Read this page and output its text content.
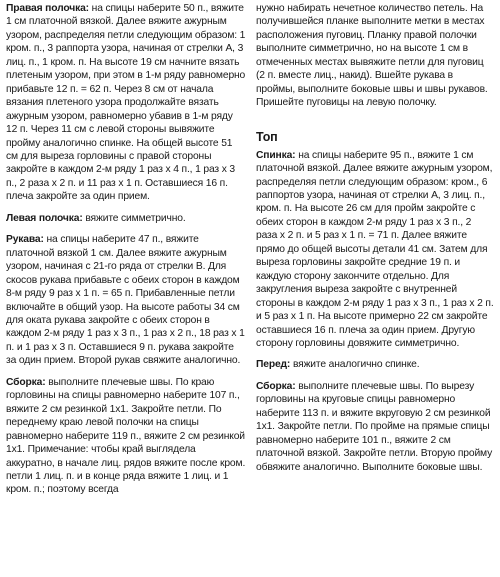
Правая полочка: на спицы наберите 50 п., вяжите 1 см платочной вязкой. Далее вяжите ажурным узором, распределяя петли следующим образом: 1 кром. п., 3 раппорта узора, начиная от стрелки A, 3 лиц. п., 1 кром. п. На высоте 19 см начните вязать плетеным узором, при этом в 1-м ряду равномерно прибавьте 12 п. = 62 п. Через 8 см от начала вязания плетеного узора продолжайте вязать ажурным узором, равномерно убавив в 1-м ряду 12 п. Через 11 см с левой стороны вывяжите пройму аналогично спинке. На общей высоте 51 см для выреза горловины с правой стороны закройте в каждом 2-м ряду 1 раз х 4 п., 1 раз х 3 п., 2 раза х 2 п. и 11 раз х 1 п. Оставшиеся 16 п. плеча закройте за один прием.

Левая полочка: вяжите симметрично.

Рукава: на спицы наберите 47 п., вяжите платочной вязкой 1 см. Далее вяжите ажурным узором, начиная с 21-го ряда от стрелки B. Для скосов рукава прибавьте с обеих сторон в каждом 8-м ряду 9 раз х 1 п. = 65 п. Прибавленные петли включайте в общий узор. На высоте работы 34 см для оката рукава закройте с обеих сторон в каждом 2-м ряду 1 раз х 3 п., 1 раз х 2 п., 18 раз х 1 п. и 1 раз х 3 п. Оставшиеся 9 п. рукава закройте за один прием. Второй рукав свяжите аналогично.

Сборка: выполните плечевые швы. По краю горловины на спицы равномерно наберите 107 п., вяжите 2 см резинкой 1х1. Закройте петли. По переднему краю левой полочки на спицы равномерно наберите 119 п., вяжите 2 см резинкой 1х1. Примечание: чтобы край выглядела аккуратно, в начале лиц. рядов вяжите после кром. петли 1 лиц. п. и в конце ряда вяжите 1 лиц. и 1 кром. п.; поэтому всегда

нужно набирать нечетное количество петель. На получившейся планке выполните метки в местах расположения пуговиц. Планку правой полочки выполните симметрично, но на высоте 1 см в отмеченных местах вывяжите петли для пуговиц (2 п. вместе лиц., накид). Вшейте рукава в проймы, выполните боковые швы и швы рукавов. Пришейте пуговицы на левую полочку.

Топ

Спинка: на спицы наберите 95 п., вяжите 1 см платочной вязкой. Далее вяжите ажурным узором, распределяя петли следующим образом: кром., 6 раппортов узора, начиная от стрелки A, 3 лиц. п., кром. п. На высоте 26 см для пройм закройте с обеих сторон в каждом 2-м ряду 1 раз х 3 п., 2 раза х 2 п. и 5 раз х 1 п. = 71 п. Далее вяжите прямо до общей высоты детали 41 см. Затем для выреза горловины закройте средние 19 п. и каждую сторону закончите отдельно. Для закругления выреза закройте с внутренней стороны в каждом 2-м ряду 1 раз х 3 п., 1 раз х 2 п. и 5 раз х 1 п. На высоте примерно 22 см закройте оставшиеся 16 п. плеча за один прием. Другую сторону горловины довяжите симметрично.

Перед: вяжите аналогично спинке.

Сборка: выполните плечевые швы. По вырезу горловины на круговые спицы равномерно наберите 113 п. и вяжите вкруговую 2 см резинкой 1х1. Закройте петли. По пройме на прямые спицы равномерно наберите 101 п., вяжите 2 см платочной вязкой. Закройте петли. Вторую пройму обвяжите аналогично. Выполните боковые швы.
